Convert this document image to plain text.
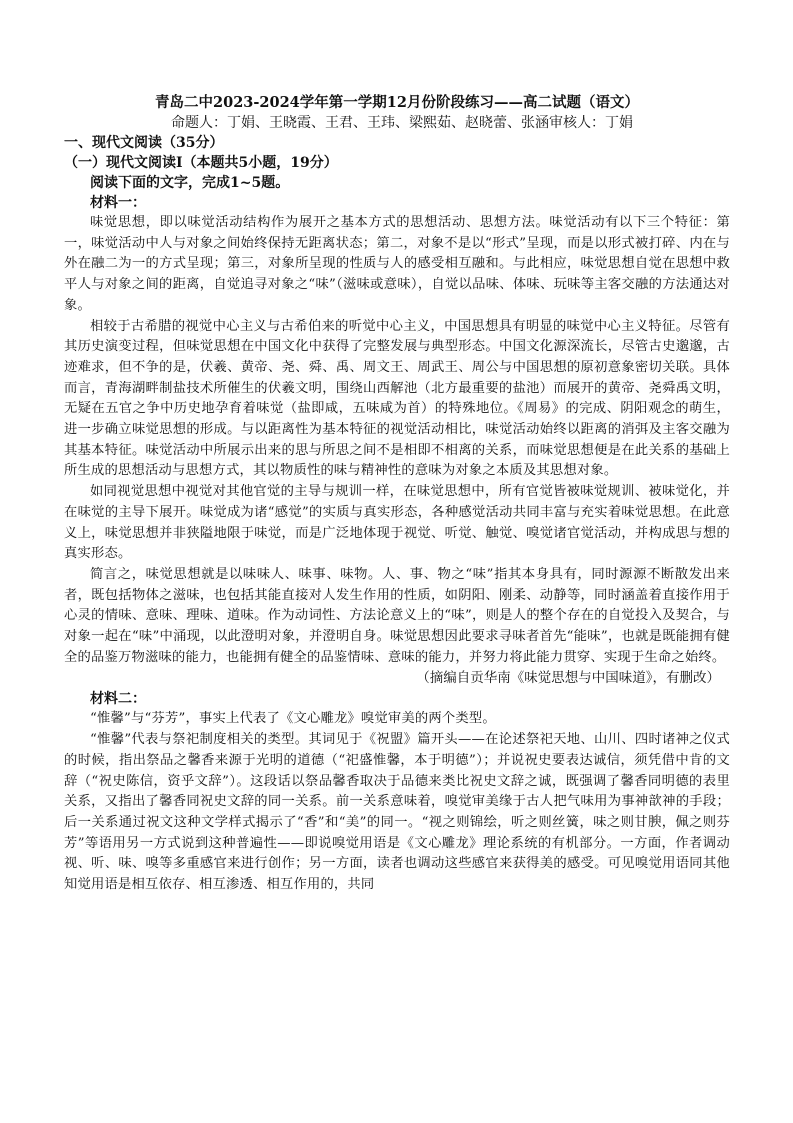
青岛二中2023-2024学年第一学期12月份阶段练习——高二试题（语文）

命题人：丁娟、王晓霞、王君、王玮、梁熙茹、赵晓蕾、张涵审核人：丁娟

一、现代文阅读（35分）

（一）现代文阅读Ⅰ（本题共5小题，19分）

阅读下面的文字，完成1~5题。

材料一：

味觉思想，即以味觉活动结构作为展开之基本方式的思想活动、思想方法。味觉活动有以下三个特征：第一，味觉活动中人与对象之间始终保持无距离状态；第二，对象不是以“形式”呈现，而是以形式被打碎、内在与外在融二为一的方式呈现；第三，对象所呈现的性质与人的感受相互融和。与此相应，味觉思想自觉在思想中救平人与对象之间的距离，自觉追寻对象之“味”（滋味或意味），自觉以品味、体味、玩味等主客交融的方法通达对象。

相较于古希腊的视觉中心主义与古希伯来的听觉中心主义，中国思想具有明显的味觉中心主义特征。尽管有其历史演变过程，但味觉思想在中国文化中获得了完整发展与典型形态。中国文化源深流长，尽管古史邈邈，古迹难求，但不争的是，伏羲、黄帝、尧、舜、禹、周文王、周武王、周公与中国思想的原初意象密切关联。具体而言，青海湖畔制盐技术所催生的伏羲文明，围绕山西解池（北方最重要的盐池）而展开的黄帝、尧舜禹文明，无疑在五官之争中历史地孕育着味觉（盐即咸，五味咸为首）的特殊地位。《周易》的完成、阴阳观念的萌生，进一步确立味觉思想的形成。与以距离性为基本特征的视觉活动相比，味觉活动始终以距离的消弭及主客交融为其基本特征。味觉活动中所展示出来的思与所思之间不是相即不相离的关系，而味觉思想便是在此关系的基础上所生成的思想活动与思想方式，其以物质性的味与精神性的意味为对象之本质及其思想对象。

如同视觉思想中视觉对其他官觉的主导与规训一样，在味觉思想中，所有官觉皆被味觉规训、被味觉化，并在味觉的主导下展开。味觉成为诸“感觉”的实质与真实形态，各种感觉活动共同丰富与充实着味觉思想。在此意义上，味觉思想并非狭隘地限于味觉，而是广泛地体现于视觉、听觉、触觉、嗅觉诸官觉活动，并构成思与想的真实形态。

简言之，味觉思想就是以味味人、味事、味物。人、事、物之“味”指其本身具有，同时源源不断散发出来者，既包括物体之滋味，也包括其能直接对人发生作用的性质，如阴阳、刚柔、动静等，同时涵盖着直接作用于心灵的情味、意味、理味、道味。作为动词性、方法论意义上的“味”，则是人的整个存在的自觉投入及契合，与对象一起在“味”中涌现，以此澄明对象，并澄明自身。味觉思想因此要求寻味者首先“能味”，也就是既能拥有健全的品鉴万物滋味的能力，也能拥有健全的品鉴情味、意味的能力，并努力将此能力贯穿、实现于生命之始终。

（摘编自贡华南《味觉思想与中国味道》，有删改）

材料二：

“惟馨”与“芬芳”，事实上代表了《文心雕龙》嗅觉审美的两个类型。

“惟馨”代表与祭祀制度相关的类型。其词见于《祝盟》篇开头——在论述祭祀天地、山川、四时诸神之仪式的时候，指出祭品之馨香来源于光明的道德（“祀盛惟馨，本于明德”）；并说祝史要表达诚信，须凭借中肯的文辞（“祝史陈信，资乎文辞”）。这段话以祭品馨香取决于品德来类比祝史文辞之诚，既强调了馨香同明德的表里关系，又指出了馨香同祝史文辞的同一关系。前一关系意味着，嗅觉审美缘于古人把气味用为事神歆神的手段；后一关系通过祝文这种文学样式揭示了“香”和“美”的同一。“视之则锦绘，听之则丝簧，味之则甘腴，佩之则芬芳”等语用另一方式说到这种普遍性——即说嗅觉用语是《文心雕龙》理论系统的有机部分。一方面，作者调动视、听、味、嗅等多重感官来进行创作；另一方面，读者也调动这些感官来获得美的感受。可见嗅觉用语同其他知觉用语是相互依存、相互渗透、相互作用的，共同
